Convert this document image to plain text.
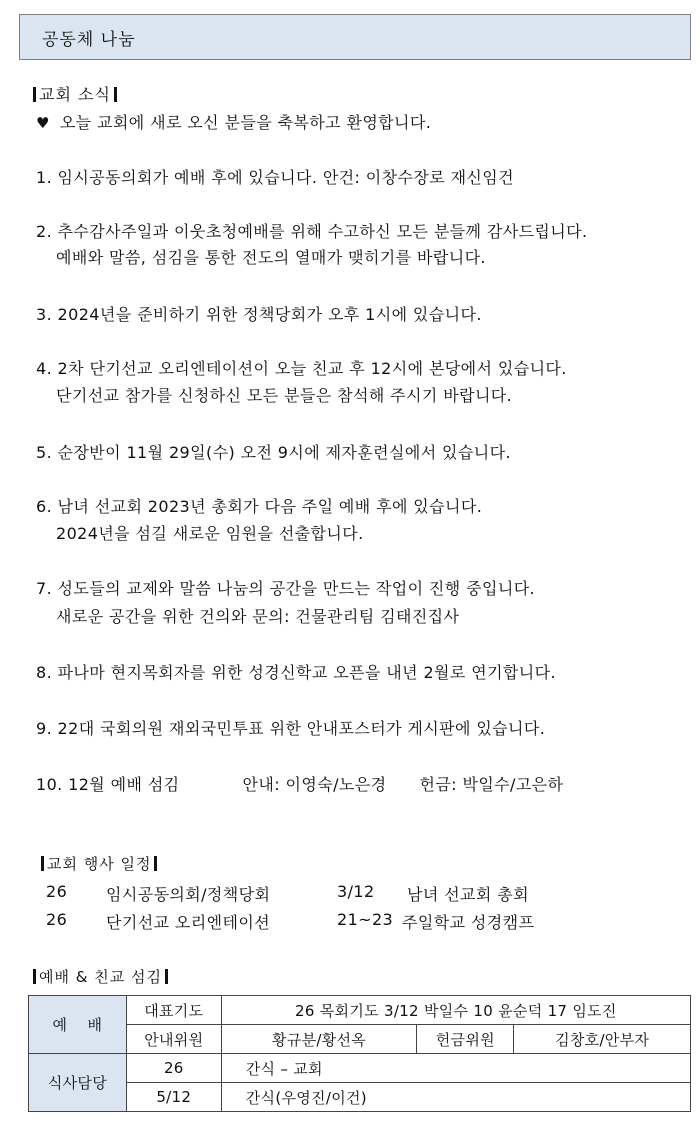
공동체 나눔
교회 소식
♥ 오늘 교회에 새로 오신 분들을 축복하고 환영합니다.
1. 임시공동의회가 예배 후에 있습니다. 안건: 이창수장로 재신임건
2. 추수감사주일과 이웃초청예배를 위해 수고하신 모든 분들께 감사드립니다.
예배와 말씀, 섬김을 통한 전도의 열매가 맺히기를 바랍니다.
3. 2024년을 준비하기 위한 정책당회가 오후 1시에 있습니다.
4. 2차 단기선교 오리엔테이션이 오늘 친교 후 12시에 본당에서 있습니다.
단기선교 참가를 신청하신 모든 분들은 참석해 주시기 바랍니다.
5. 순장반이 11월 29일(수) 오전 9시에 제자훈련실에서 있습니다.
6. 남녀 선교회 2023년 총회가 다음 주일 예배 후에 있습니다.
2024년을 섬길 새로운 임원을 선출합니다.
7. 성도들의 교제와 말씀 나눔의 공간을 만드는 작업이 진행 중입니다.
새로운 공간을 위한 건의와 문의: 건물관리팀 김태진집사
8. 파나마 현지목회자를 위한 성경신학교 오픈을 내년 2월로 연기합니다.
9. 22대 국회의원 재외국민투표 위한 안내포스터가 게시판에 있습니다.
10. 12월 예배 섬김	안내: 이영숙/노은경 헌금: 박일수/고은하
교회 행사 일정
26 임시공동의회/정책당회	3/12 남녀 선교회 총회
26 단기선교 오리엔테이션	21~23 주일학교 성경캠프
예배 & 친교 섬김
예    배	대표기도	26 목회기도 3/12 박일수 10 윤순덕 17 임도진		
	안내위원	황규분/황선옥	헌금위원	김창호/안부자
식사담당	26	간식 – 교회		
	5/12	간식(우영진/이건)		
